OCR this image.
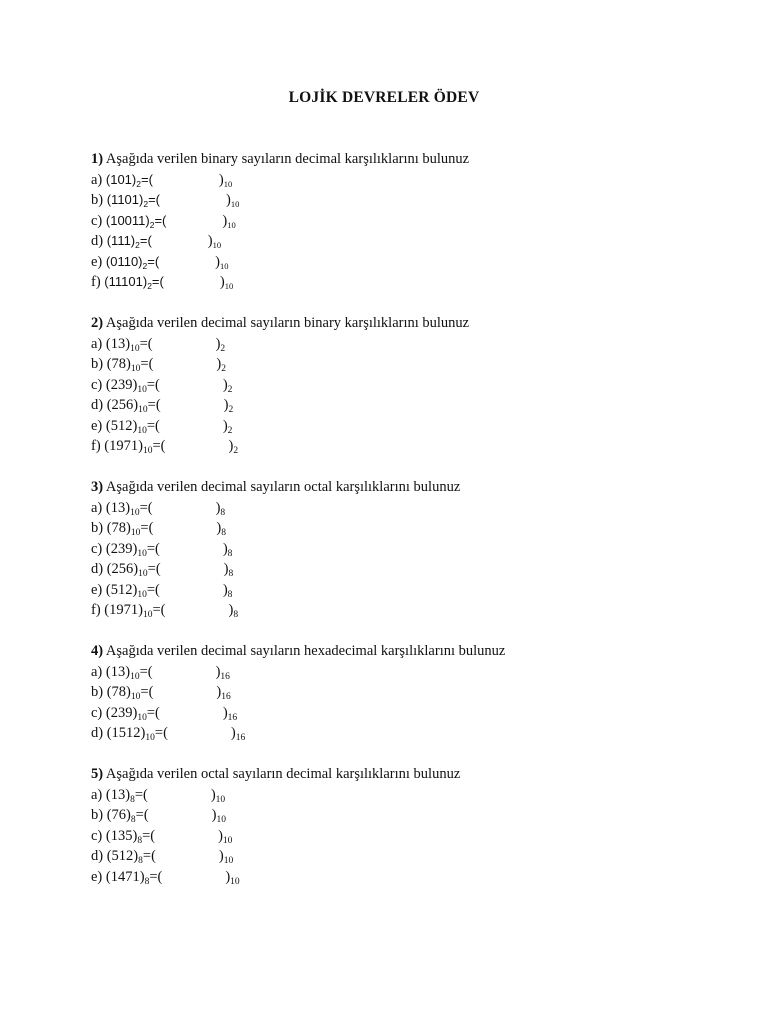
LOJİK DEVRELER ÖDEV
1) Aşağıda verilen binary sayıların decimal karşılıklarını bulunuz
a) $(101)_2=$(	)$_{10}$
b) $(1101)_2=$(	)$_{10}$
c) $(10011)_2=$(	)$_{10}$
d) $(111)_2=$(	)$_{10}$
e) $(0110)_2=$(	)$_{10}$
f) $(11101)_2=$(	)$_{10}$
2) Aşağıda verilen decimal sayıların binary karşılıklarını bulunuz
a) $(13)_{10}=$(	)$_2$
b) $(78)_{10}=$(	)$_2$
c) $(239)_{10}=$(	)$_2$
d) $(256)_{10}=$(	)$_2$
e) $(512)_{10}=$(	)$_2$
f) $(1971)_{10}=$(	)$_2$
3) Aşağıda verilen decimal sayıların octal karşılıklarını bulunuz
a) $(13)_{10}=$(	)$_8$
b) $(78)_{10}=$(	)$_8$
c) $(239)_{10}=$(	)$_8$
d) $(256)_{10}=$(	)$_8$
e) $(512)_{10}=$(	)$_8$
f) $(1971)_{10}=$(	)$_8$
4) Aşağıda verilen decimal sayıların hexadecimal karşılıklarını bulunuz
a) $(13)_{10}=$(	)$_{16}$
b) $(78)_{10}=$(	)$_{16}$
c) $(239)_{10}=$(	)$_{16}$
d) $(1512)_{10}=$(	)$_{16}$
5) Aşağıda verilen octal sayıların decimal karşılıklarını bulunuz
a) $(13)_8=$(	)$_{10}$
b) $(76)_8=$(	)$_{10}$
c) $(135)_8=$(	)$_{10}$
d) $(512)_8=$(	)$_{10}$
e) $(1471)_8=$(	)$_{10}$
